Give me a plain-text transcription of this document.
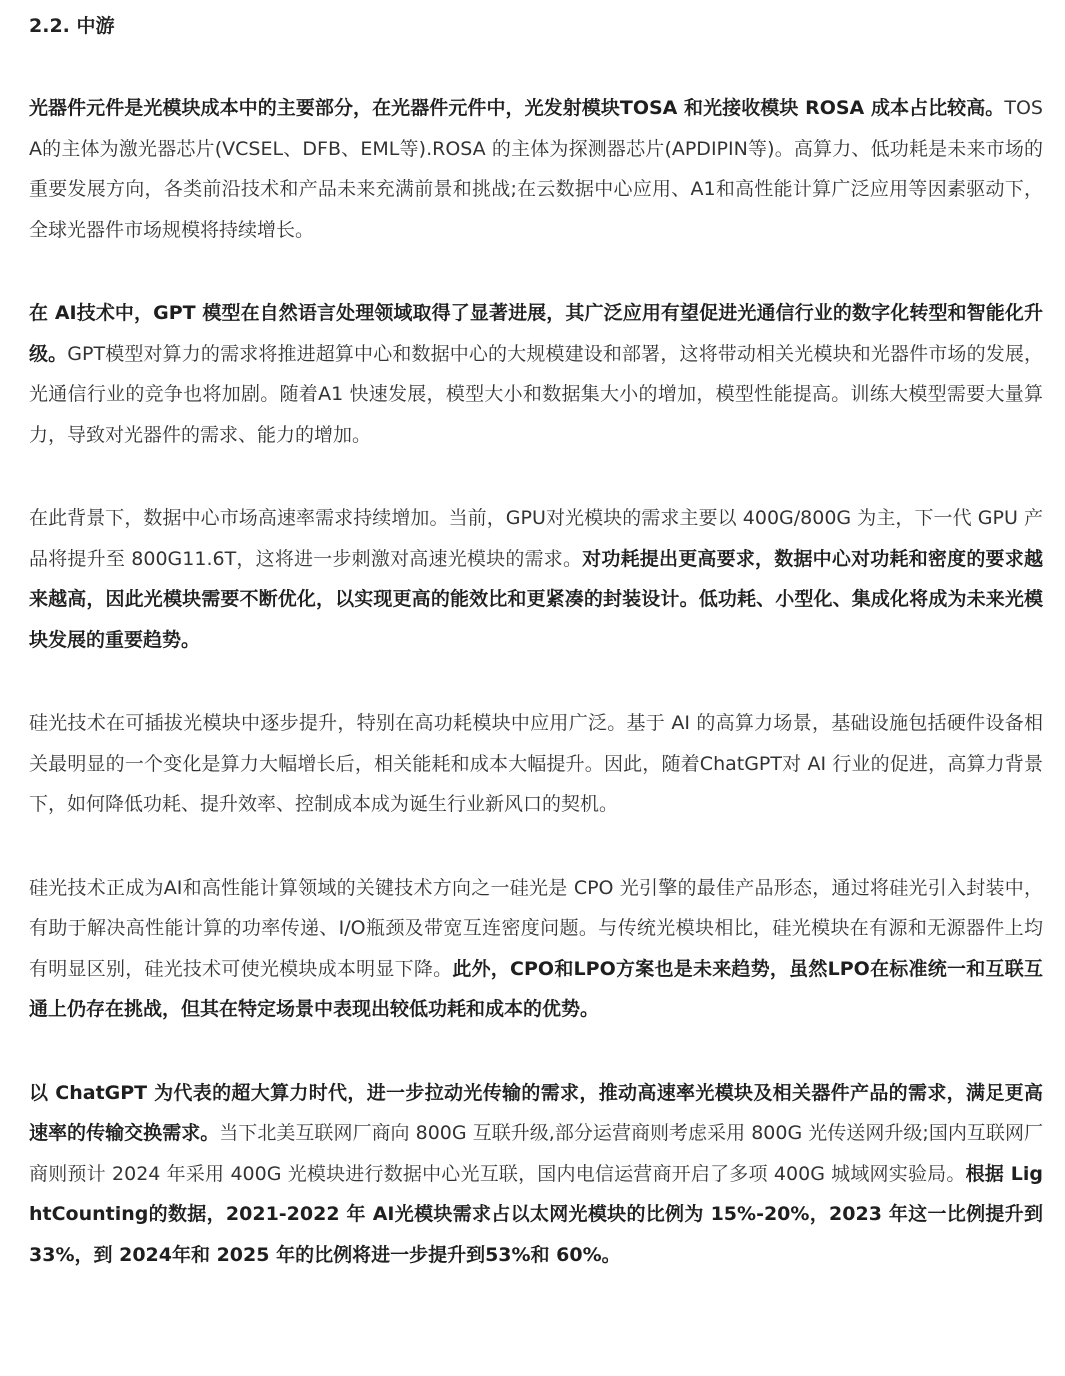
2.2. 中游

光器件元件是光模块成本中的主要部分，在光器件元件中，光发射模块TOSA 和光接收模块 ROSA 成本占比较高。TOSA的主体为激光器芯片(VCSEL、DFB、EML等).ROSA 的主体为探测器芯片(APDIPIN等)。高算力、低功耗是未来市场的重要发展方向，各类前沿技术和产品未来充满前景和挑战;在云数据中心应用、A1和高性能计算广泛应用等因素驱动下，全球光器件市场规模将持续增长。

在 AI技术中，GPT 模型在自然语言处理领域取得了显著进展，其广泛应用有望促进光通信行业的数字化转型和智能化升级。GPT模型对算力的需求将推进超算中心和数据中心的大规模建设和部署，这将带动相关光模块和光器件市场的发展，光通信行业的竞争也将加剧。随着A1 快速发展，模型大小和数据集大小的增加，模型性能提高。训练大模型需要大量算力，导致对光器件的需求、能力的增加。

在此背景下，数据中心市场高速率需求持续增加。当前，GPU对光模块的需求主要以 400G/800G 为主，下一代 GPU 产品将提升至 800G11.6T，这将进一步刺激对高速光模块的需求。对功耗提出更高要求，数据中心对功耗和密度的要求越来越高，因此光模块需要不断优化，以实现更高的能效比和更紧凑的封装设计。低功耗、小型化、集成化将成为未来光模块发展的重要趋势。

硅光技术在可插拔光模块中逐步提升，特别在高功耗模块中应用广泛。基于 AI 的高算力场景，基础设施包括硬件设备相关最明显的一个变化是算力大幅增长后，相关能耗和成本大幅提升。因此，随着ChatGPT对 AI 行业的促进，高算力背景下，如何降低功耗、提升效率、控制成本成为诞生行业新风口的契机。

硅光技术正成为AI和高性能计算领域的关键技术方向之一硅光是 CPO 光引擎的最佳产品形态，通过将硅光引入封装中，有助于解决高性能计算的功率传递、I/O瓶颈及带宽互连密度问题。与传统光模块相比，硅光模块在有源和无源器件上均有明显区别，硅光技术可使光模块成本明显下降。此外，CPO和LPO方案也是未来趋势，虽然LPO在标准统一和互联互通上仍存在挑战，但其在特定场景中表现出较低功耗和成本的优势。

以 ChatGPT 为代表的超大算力时代，进一步拉动光传输的需求，推动高速率光模块及相关器件产品的需求，满足更高速率的传输交换需求。当下北美互联网厂商向 800G 互联升级,部分运营商则考虑采用 800G 光传送网升级;国内互联网厂商则预计 2024 年采用 400G 光模块进行数据中心光互联，国内电信运营商开启了多项 400G 城域网实验局。根据 LightCounting的数据，2021-2022 年 AI光模块需求占以太网光模块的比例为 15%-20%，2023 年这一比例提升到 33%，到 2024年和 2025 年的比例将进一步提升到53%和 60%。
